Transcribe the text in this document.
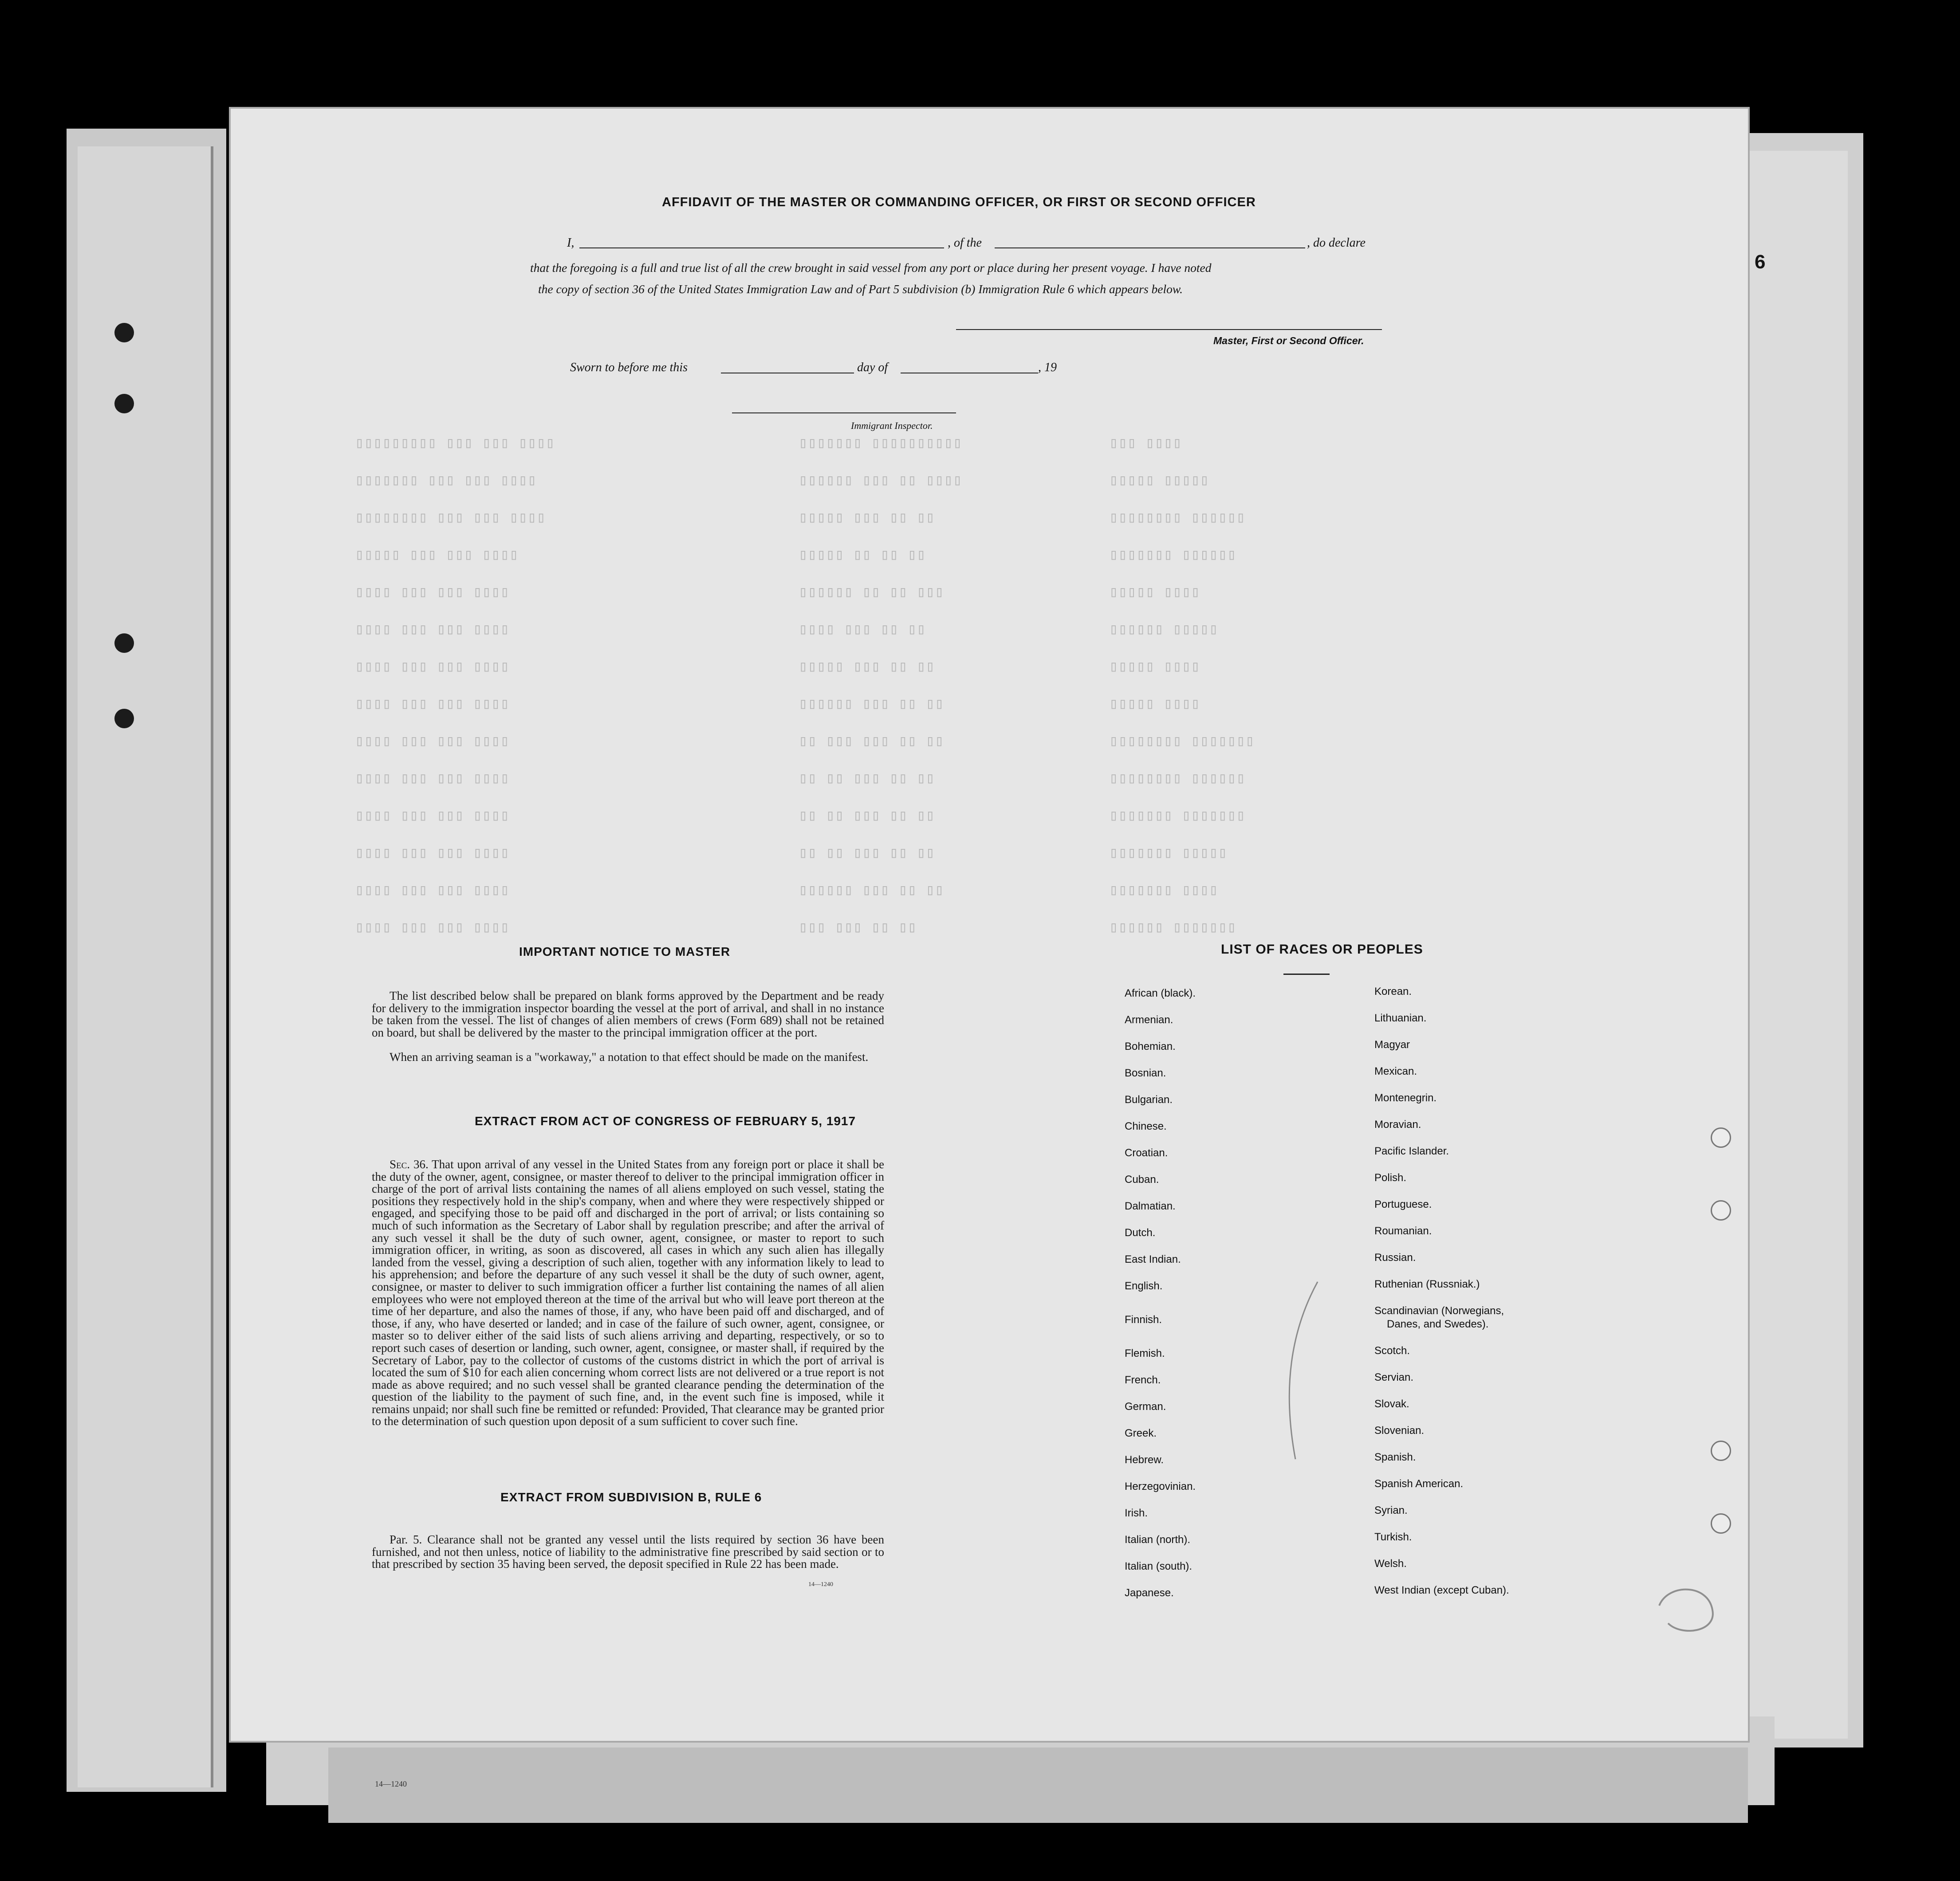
14—1240
6
▯▯▯▯ ▯▯▯ ▯▯▯ ▯▯▯▯▯▯▯▯▯	▯▯▯▯▯▯▯▯▯▯ ▯▯▯▯▯▯▯	▯▯▯▯ ▯▯▯
▯▯▯▯ ▯▯▯ ▯▯▯ ▯▯▯▯▯▯▯	▯▯▯▯ ▯▯ ▯▯▯ ▯▯▯▯▯▯	▯▯▯▯▯ ▯▯▯▯▯
▯▯▯▯ ▯▯▯ ▯▯▯ ▯▯▯▯▯▯▯▯	▯▯ ▯▯ ▯▯▯ ▯▯▯▯▯	▯▯▯▯▯▯ ▯▯▯▯▯▯▯▯
▯▯▯▯ ▯▯▯ ▯▯▯ ▯▯▯▯▯	▯▯ ▯▯ ▯▯ ▯▯▯▯▯	▯▯▯▯▯▯ ▯▯▯▯▯▯▯
▯▯▯▯ ▯▯▯ ▯▯▯ ▯▯▯▯	▯▯▯ ▯▯ ▯▯ ▯▯▯▯▯▯	▯▯▯▯ ▯▯▯▯▯
▯▯▯▯ ▯▯▯ ▯▯▯ ▯▯▯▯	▯▯ ▯▯ ▯▯▯ ▯▯▯▯	▯▯▯▯▯ ▯▯▯▯▯▯
▯▯▯▯ ▯▯▯ ▯▯▯ ▯▯▯▯	▯▯ ▯▯ ▯▯▯ ▯▯▯▯▯	▯▯▯▯ ▯▯▯▯▯
▯▯▯▯ ▯▯▯ ▯▯▯ ▯▯▯▯	▯▯ ▯▯ ▯▯▯ ▯▯▯▯▯▯	▯▯▯▯ ▯▯▯▯▯
▯▯▯▯ ▯▯▯ ▯▯▯ ▯▯▯▯	▯▯ ▯▯ ▯▯▯ ▯▯▯ ▯▯	▯▯▯▯▯▯▯ ▯▯▯▯▯▯▯▯
▯▯▯▯ ▯▯▯ ▯▯▯ ▯▯▯▯	▯▯ ▯▯ ▯▯▯ ▯▯ ▯▯	▯▯▯▯▯▯ ▯▯▯▯▯▯▯▯
▯▯▯▯ ▯▯▯ ▯▯▯ ▯▯▯▯	▯▯ ▯▯ ▯▯▯ ▯▯ ▯▯	▯▯▯▯▯▯▯ ▯▯▯▯▯▯▯
▯▯▯▯ ▯▯▯ ▯▯▯ ▯▯▯▯	▯▯ ▯▯ ▯▯▯ ▯▯ ▯▯	▯▯▯▯▯ ▯▯▯▯▯▯▯
▯▯▯▯ ▯▯▯ ▯▯▯ ▯▯▯▯	▯▯ ▯▯ ▯▯▯ ▯▯▯▯▯▯	▯▯▯▯ ▯▯▯▯▯▯▯
▯▯▯▯ ▯▯▯ ▯▯▯ ▯▯▯▯	▯▯ ▯▯ ▯▯▯ ▯▯▯	▯▯▯▯▯▯▯ ▯▯▯▯▯▯
AFFIDAVIT OF THE MASTER OR COMMANDING OFFICER, OR FIRST OR SECOND OFFICER
I,	, of the	, do declare
that the foregoing is a full and true list of all the crew brought in said vessel from any port or place during her present voyage. I have noted
the copy of section 36 of the United States Immigration Law and of Part 5 subdivision (b) Immigration Rule 6 which appears below.
Master, First or Second Officer.
Sworn to before me this	day of	, 19
Immigrant Inspector.
IMPORTANT NOTICE TO MASTER
The list described below shall be prepared on blank forms approved by the Department and be ready for delivery to the immigration inspector boarding the vessel at the port of arrival, and shall in no instance be taken from the vessel. The list of changes of alien members of crews (Form 689) shall not be retained on board, but shall be delivered by the master to the principal immigration officer at the port.
When an arriving seaman is a "workaway," a notation to that effect should be made on the manifest.
EXTRACT FROM ACT OF CONGRESS OF FEBRUARY 5, 1917
Sec. 36. That upon arrival of any vessel in the United States from any foreign port or place it shall be the duty of the owner, agent, consignee, or master thereof to deliver to the principal immigration officer in charge of the port of arrival lists containing the names of all aliens employed on such vessel, stating the positions they respectively hold in the ship's company, when and where they were respectively shipped or engaged, and specifying those to be paid off and discharged in the port of arrival; or lists containing so much of such information as the Secretary of Labor shall by regulation prescribe; and after the arrival of any such vessel it shall be the duty of such owner, agent, consignee, or master to report to such immigration officer, in writing, as soon as discovered, all cases in which any such alien has illegally landed from the vessel, giving a description of such alien, together with any information likely to lead to his apprehension; and before the departure of any such vessel it shall be the duty of such owner, agent, consignee, or master to deliver to such immigration officer a further list containing the names of all alien employees who were not employed thereon at the time of the arrival but who will leave port thereon at the time of her departure, and also the names of those, if any, who have been paid off and discharged, and of those, if any, who have deserted or landed; and in case of the failure of such owner, agent, consignee, or master so to deliver either of the said lists of such aliens arriving and departing, respectively, or so to report such cases of desertion or landing, such owner, agent, consignee, or master shall, if required by the Secretary of Labor, pay to the collector of customs of the customs district in which the port of arrival is located the sum of $10 for each alien concerning whom correct lists are not delivered or a true report is not made as above required; and no such vessel shall be granted clearance pending the determination of the question of the liability to the payment of such fine, and, in the event such fine is imposed, while it remains unpaid; nor shall such fine be remitted or refunded: Provided, That clearance may be granted prior to the determination of such question upon deposit of a sum sufficient to cover such fine.
EXTRACT FROM SUBDIVISION B, RULE 6
Par. 5. Clearance shall not be granted any vessel until the lists required by section 36 have been furnished, and not then unless, notice of liability to the administrative fine prescribed by said section or to that prescribed by section 35 having been served, the deposit specified in Rule 22 has been made.
14—1240
LIST OF RACES OR PEOPLES
African (black).
Armenian.
Bohemian.
Bosnian.
Bulgarian.
Chinese.
Croatian.
Cuban.
Dalmatian.
Dutch.
East Indian.
English.
Finnish.
Flemish.
French.
German.
Greek.
Hebrew.
Herzegovinian.
Irish.
Italian (north).
Italian (south).
Japanese.
Korean.
Lithuanian.
Magyar
Mexican.
Montenegrin.
Moravian.
Pacific Islander.
Polish.
Portuguese.
Roumanian.
Russian.
Ruthenian (Russniak.)
Scandinavian (Norwegians,
Danes, and Swedes).
Scotch.
Servian.
Slovak.
Slovenian.
Spanish.
Spanish American.
Syrian.
Turkish.
Welsh.
West Indian (except Cuban).
